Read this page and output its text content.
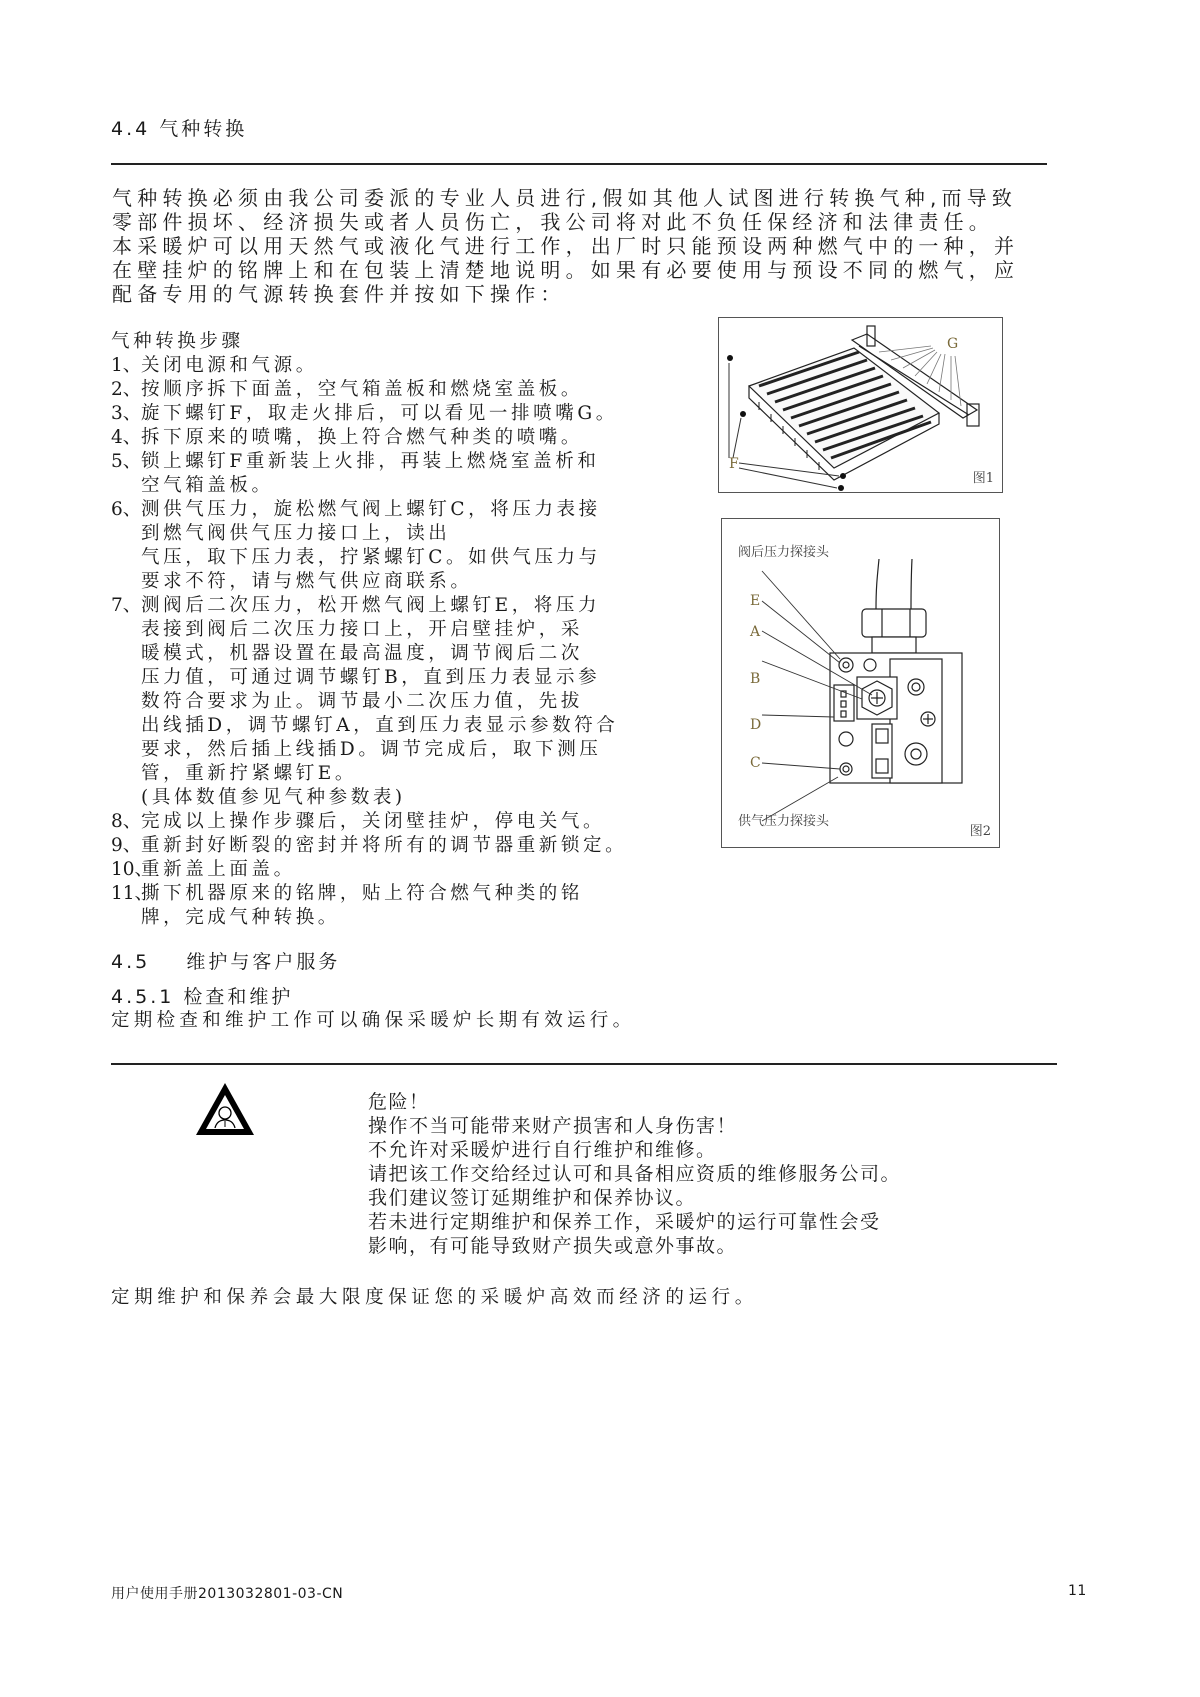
4.4 气种转换
气种转换必须由我公司委派的专业人员进行,假如其他人试图进行转换气种,而导致
零部件损坏、经济损失或者人员伤亡，我公司将对此不负任保经济和法律责任。
本采暖炉可以用天然气或液化气进行工作，出厂时只能预设两种燃气中的一种，并
在壁挂炉的铭牌上和在包装上清楚地说明。如果有必要使用与预设不同的燃气，应
配备专用的气源转换套件并按如下操作：
气种转换步骤
1、 关闭电源和气源。
2、 按顺序拆下面盖，空气箱盖板和燃烧室盖板。
3、 旋下螺钉F，取走火排后，可以看见一排喷嘴G。
4、 拆下原来的喷嘴，换上符合燃气种类的喷嘴。
5、 锁上螺钉F重新装上火排，再装上燃烧室盖析和
空气箱盖板。
6、 测供气压力，旋松燃气阀上螺钉C，将压力表接
到燃气阀供气压力接口上，读出
气压，取下压力表，拧紧螺钉C。如供气压力与
要求不符，请与燃气供应商联系。
7、 测阀后二次压力，松开燃气阀上螺钉E，将压力
表接到阀后二次压力接口上，开启壁挂炉，采
暖模式，机器设置在最高温度，调节阀后二次
压力值，可通过调节螺钉B，直到压力表显示参
数符合要求为止。调节最小二次压力值，先拔
出线插D，调节螺钉A，直到压力表显示参数符合
要求，然后插上线插D。调节完成后，取下测压
管，重新拧紧螺钉E。
(具体数值参见气种参数表)
8、 完成以上操作步骤后，关闭壁挂炉，停电关气。
9、 重新封好断裂的密封并将所有的调节器重新锁定。
10、
重新盖上面盖。
11、
撕下机器原来的铭牌，贴上符合燃气种类的铭
牌，完成气种转换。
F
G
图1
E
A
B
D
C
阀后压力探接头
供气压力探接头
图2
4.5    维护与客户服务
4.5.1 检查和维护
定期检查和维护工作可以确保采暖炉长期有效运行。
危险！
操作不当可能带来财产损害和人身伤害！
不允许对采暖炉进行自行维护和维修。
请把该工作交给经过认可和具备相应资质的维修服务公司。
我们建议签订延期维护和保养协议。
若未进行定期维护和保养工作，采暖炉的运行可靠性会受
影响，有可能导致财产损失或意外事故。
定期维护和保养会最大限度保证您的采暖炉高效而经济的运行。
用户使用手册2013032801-03-CN	11
